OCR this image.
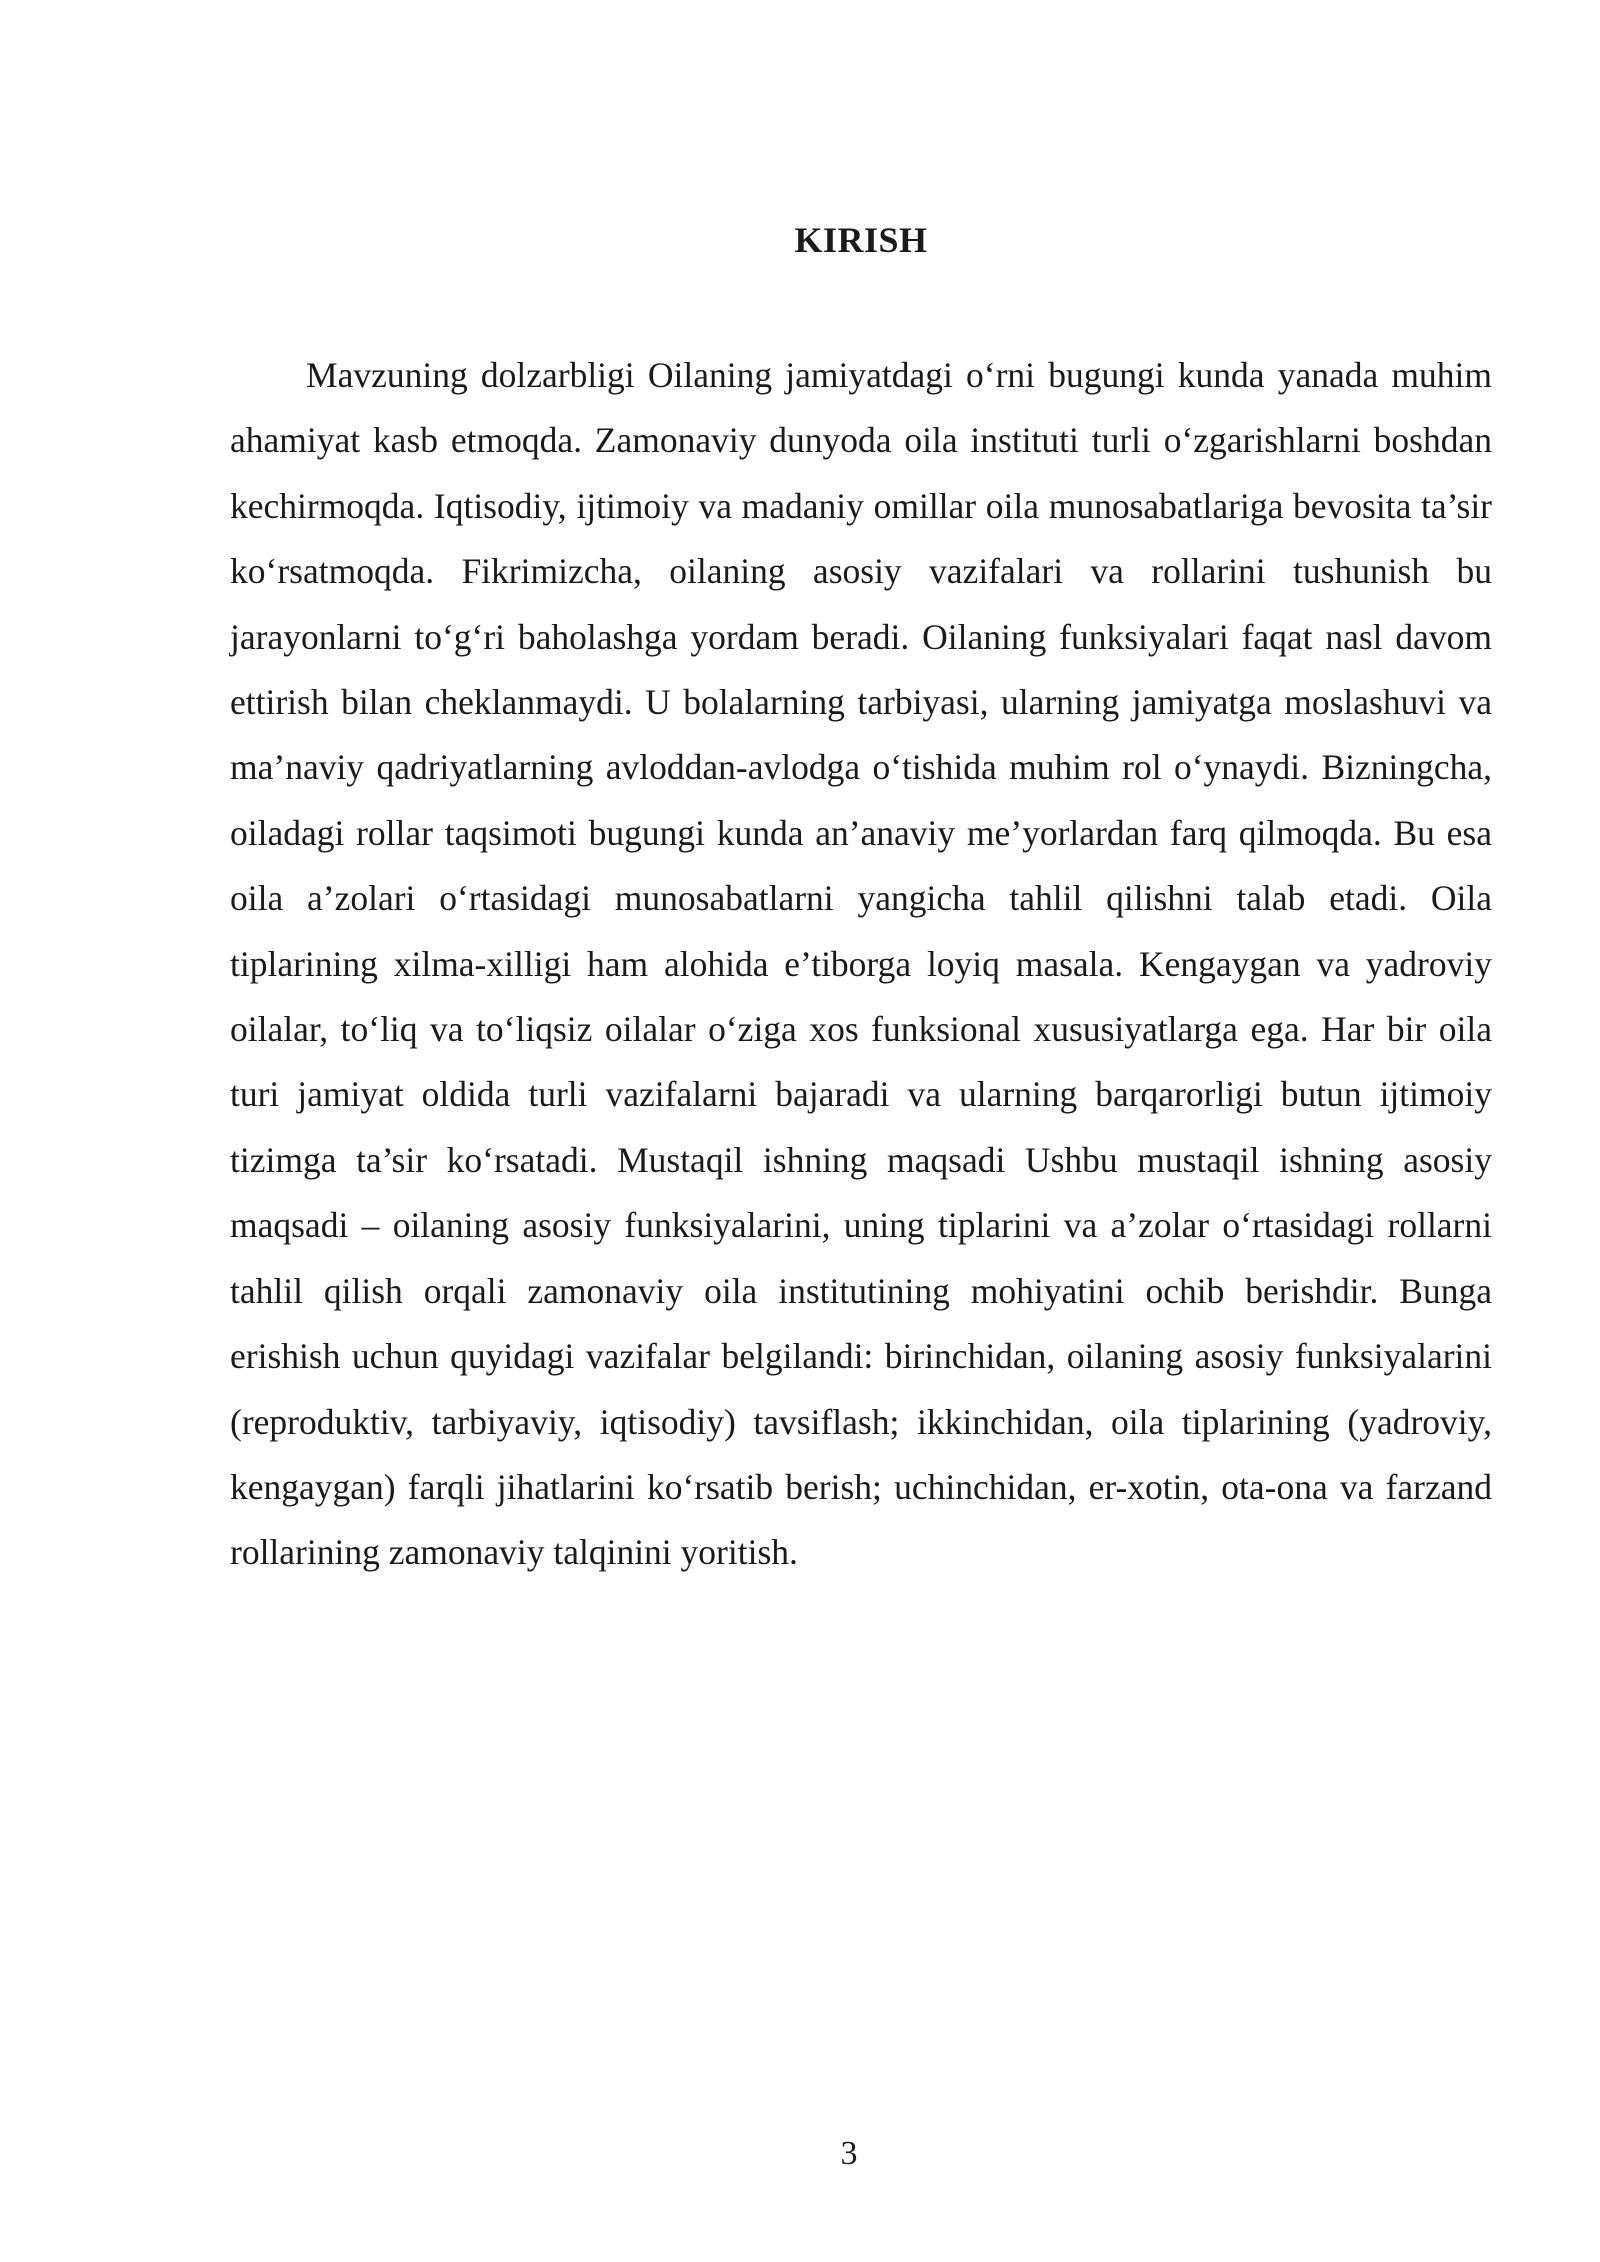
KIRISH

Mavzuning dolzarbligi Oilaning jamiyatdagi o‘rni bugungi kunda yanada muhim ahamiyat kasb etmoqda. Zamonaviy dunyoda oila instituti turli o‘zgarishlarni boshdan kechirmoqda. Iqtisodiy, ijtimoiy va madaniy omillar oila munosabatlariga bevosita ta’sir ko‘rsatmoqda. Fikrimizcha, oilaning asosiy vazifalari va rollarini tushunish bu jarayonlarni to‘g‘ri baholashga yordam beradi. Oilaning funksiyalari faqat nasl davom ettirish bilan cheklanmaydi. U bolalarning tarbiyasi, ularning jamiyatga moslashuvi va ma’naviy qadriyatlarning avloddan-avlodga o‘tishida muhim rol o‘ynaydi. Bizningcha, oiladagi rollar taqsimoti bugungi kunda an’anaviy me’yorlardan farq qilmoqda. Bu esa oila a’zolari o‘rtasidagi munosabatlarni yangicha tahlil qilishni talab etadi. Oila tiplarining xilma-xilligi ham alohida e’tiborga loyiq masala. Kengaygan va yadroviy oilalar, to‘liq va to‘liqsiz oilalar o‘ziga xos funksional xususiyatlarga ega. Har bir oila turi jamiyat oldida turli vazifalarni bajaradi va ularning barqarorligi butun ijtimoiy tizimga ta’sir ko‘rsatadi. Mustaqil ishning maqsadi Ushbu mustaqil ishning asosiy maqsadi – oilaning asosiy funksiyalarini, uning tiplarini va a’zolar o‘rtasidagi rollarni tahlil qilish orqali zamonaviy oila institutining mohiyatini ochib berishdir. Bunga erishish uchun quyidagi vazifalar belgilandi: birinchidan, oilaning asosiy funksiyalarini (reproduktiv, tarbiyaviy, iqtisodiy) tavsiflash; ikkinchidan, oila tiplarining (yadroviy, kengaygan) farqli jihatlarini ko‘rsatib berish; uchinchidan, er-xotin, ota-ona va farzand rollarining zamonaviy talqinini yoritish.

3
